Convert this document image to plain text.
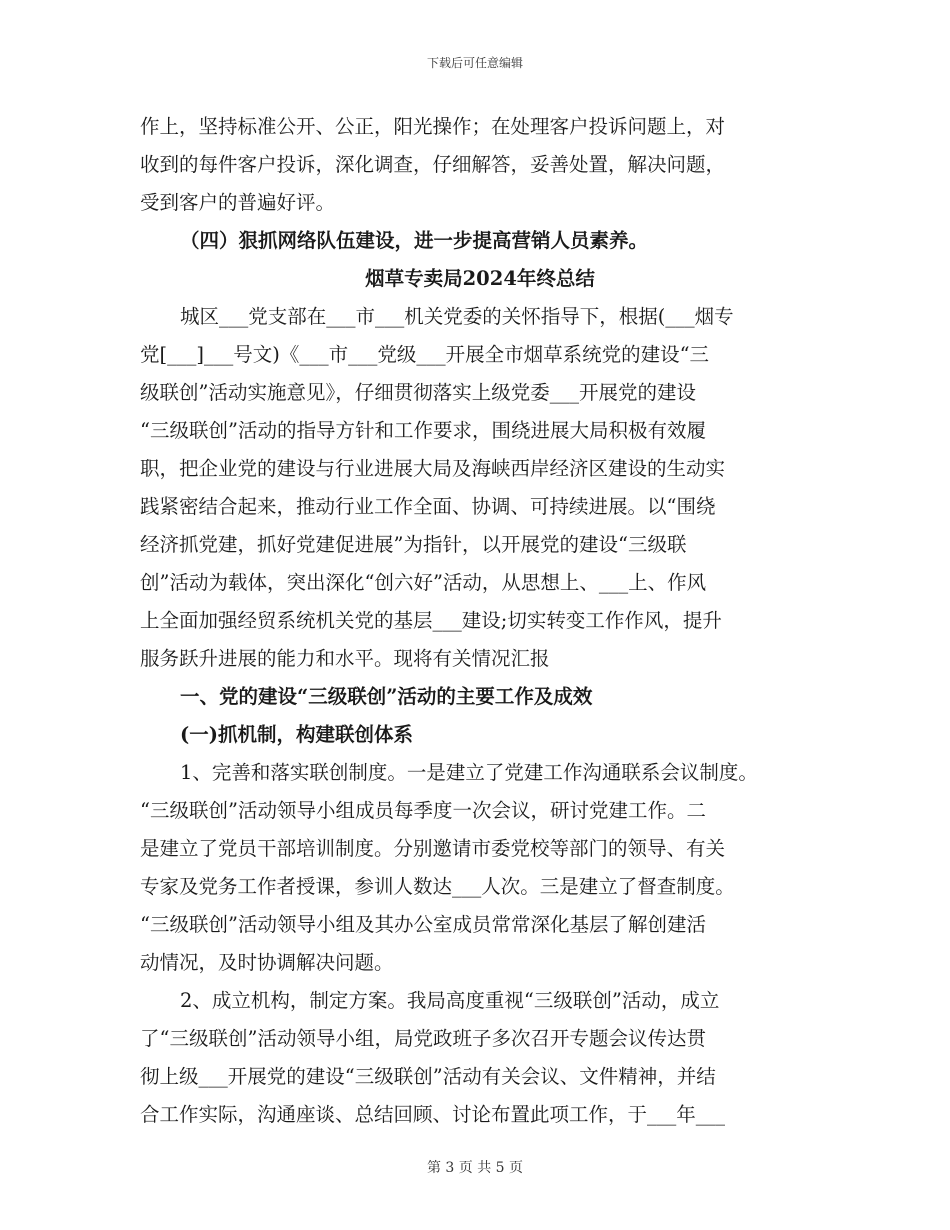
下载后可任意编辑
作上，坚持标准公开、公正，阳光操作；在处理客户投诉问题上，对
收到的每件客户投诉，深化调查，仔细解答，妥善处置，解决问题，
受到客户的普遍好评。
（四）狠抓网络队伍建设，进一步提高营销人员素养。
烟草专卖局2024年终总结
城区___党支部在___市___机关党委的关怀指导下，根据(___烟专
党[___]___号文)《___市___党级___开展全市烟草系统党的建设“三
级联创”活动实施意见》，仔细贯彻落实上级党委___开展党的建设
“三级联创”活动的指导方针和工作要求，围绕进展大局积极有效履
职，把企业党的建设与行业进展大局及海峡西岸经济区建设的生动实
践紧密结合起来，推动行业工作全面、协调、可持续进展。以“围绕
经济抓党建，抓好党建促进展”为指针，以开展党的建设“三级联
创”活动为载体，突出深化“创六好”活动，从思想上、___上、作风
上全面加强经贸系统机关党的基层___建设;切实转变工作作风，提升
服务跃升进展的能力和水平。现将有关情况汇报
一、党的建设“三级联创”活动的主要工作及成效
(一)抓机制，构建联创体系
1、完善和落实联创制度。一是建立了党建工作沟通联系会议制度。
“三级联创”活动领导小组成员每季度一次会议，研讨党建工作。二
是建立了党员干部培训制度。分别邀请市委党校等部门的领导、有关
专家及党务工作者授课，参训人数达___人次。三是建立了督查制度。
“三级联创”活动领导小组及其办公室成员常常深化基层了解创建活
动情况，及时协调解决问题。
2、成立机构，制定方案。我局高度重视“三级联创”活动，成立
了“三级联创”活动领导小组，局党政班子多次召开专题会议传达贯
彻上级___开展党的建设“三级联创”活动有关会议、文件精神，并结
合工作实际，沟通座谈、总结回顾、讨论布置此项工作，于___年___
第 3 页 共 5 页
